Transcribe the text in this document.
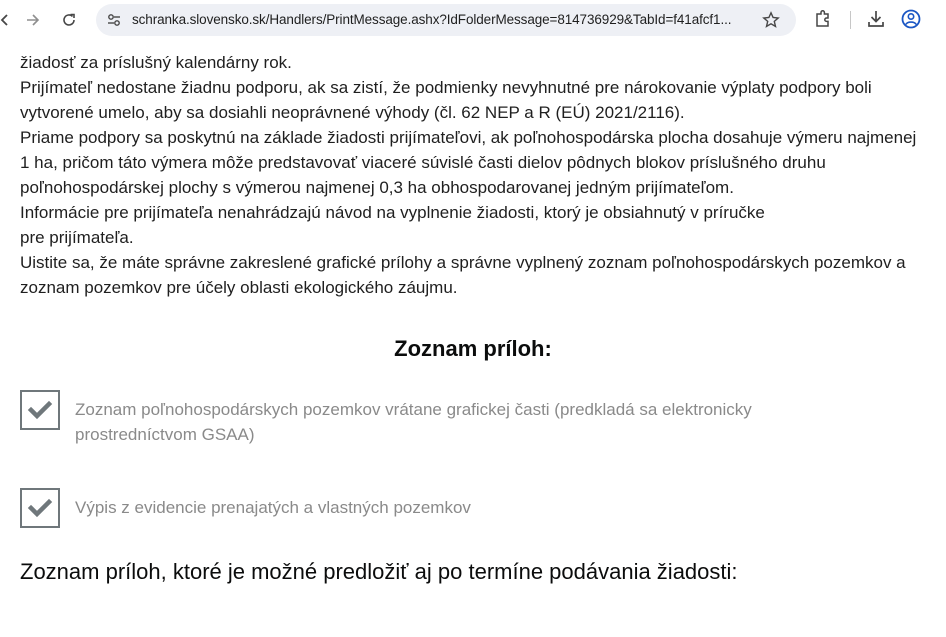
schranka.slovensko.sk/Handlers/PrintMessage.ashx?IdFolderMessage=814736929&TabId=f41afcf1...
žiadosť za príslušný kalendárny rok.
Prijímateľ nedostane žiadnu podporu, ak sa zistí, že podmienky nevyhnutné pre nárokovanie výplaty podpory boli vytvorené umelo, aby sa dosiahli neoprávnené výhody (čl. 62 NEP a R (EÚ) 2021/2116).
Priame podpory sa poskytnú na základe žiadosti prijímateľovi, ak poľnohospodárska plocha dosahuje výmeru najmenej 1 ha, pričom táto výmera môže predstavovať viaceré súvislé časti dielov pôdnych blokov príslušného druhu poľnohospodárskej plochy s výmerou najmenej 0,3 ha obhospodarovanej jedným prijímateľom.
Informácie pre prijímateľa nenahrádzajú návod na vyplnenie žiadosti, ktorý je obsiahnutý v príručke
pre prijímateľa.
Uistite sa, že máte správne zakreslené grafické prílohy a správne vyplnený zoznam poľnohospodárskych pozemkov a zoznam pozemkov pre účely oblasti ekologického záujmu.
Zoznam príloh:
Zoznam poľnohospodárskych pozemkov vrátane grafickej časti (predkladá sa elektronicky prostredníctvom GSAA)
Výpis z evidencie prenajatých a vlastných pozemkov
Zoznam príloh, ktoré je možné predložiť aj po termíne podávania žiadosti:
